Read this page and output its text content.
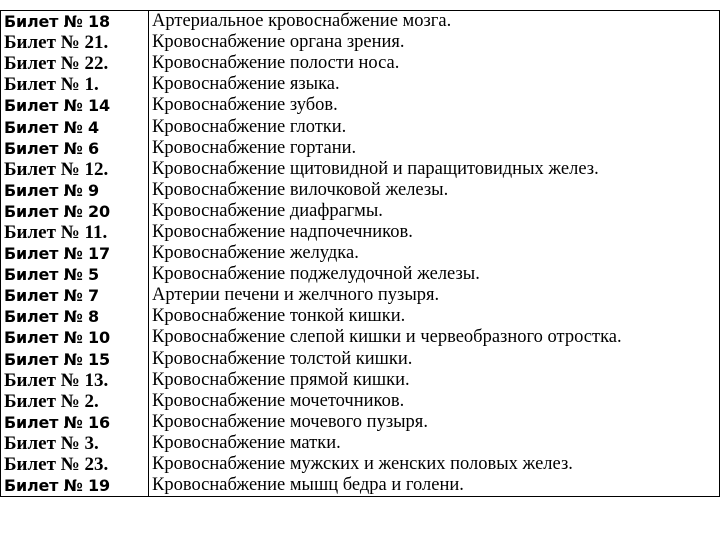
Билет № 18	Артериальное кровоснабжение мозга.
Билет № 21.	Кровоснабжение органа зрения.
Билет № 22.	Кровоснабжение полости носа.
Билет № 1.	Кровоснабжение языка.
Билет № 14	Кровоснабжение зубов.
Билет № 4	Кровоснабжение глотки.
Билет № 6	Кровоснабжение гортани.
Билет № 12.	Кровоснабжение щитовидной и паращитовидных желез.
Билет № 9	Кровоснабжение вилочковой железы.
Билет № 20	Кровоснабжение диафрагмы.
Билет № 11.	Кровоснабжение надпочечников.
Билет № 17	Кровоснабжение желудка.
Билет № 5	Кровоснабжение поджелудочной железы.
Билет № 7	Артерии печени и желчного пузыря.
Билет № 8	Кровоснабжение тонкой кишки.
Билет № 10	Кровоснабжение слепой кишки и червеобразного отростка.
Билет № 15	Кровоснабжение толстой кишки.
Билет № 13.	Кровоснабжение прямой кишки.
Билет № 2.	Кровоснабжение мочеточников.
Билет № 16	Кровоснабжение мочевого пузыря.
Билет № 3.	Кровоснабжение матки.
Билет № 23.	Кровоснабжение мужских и женских половых желез.
Билет № 19	Кровоснабжение мышц бедра и голени.
